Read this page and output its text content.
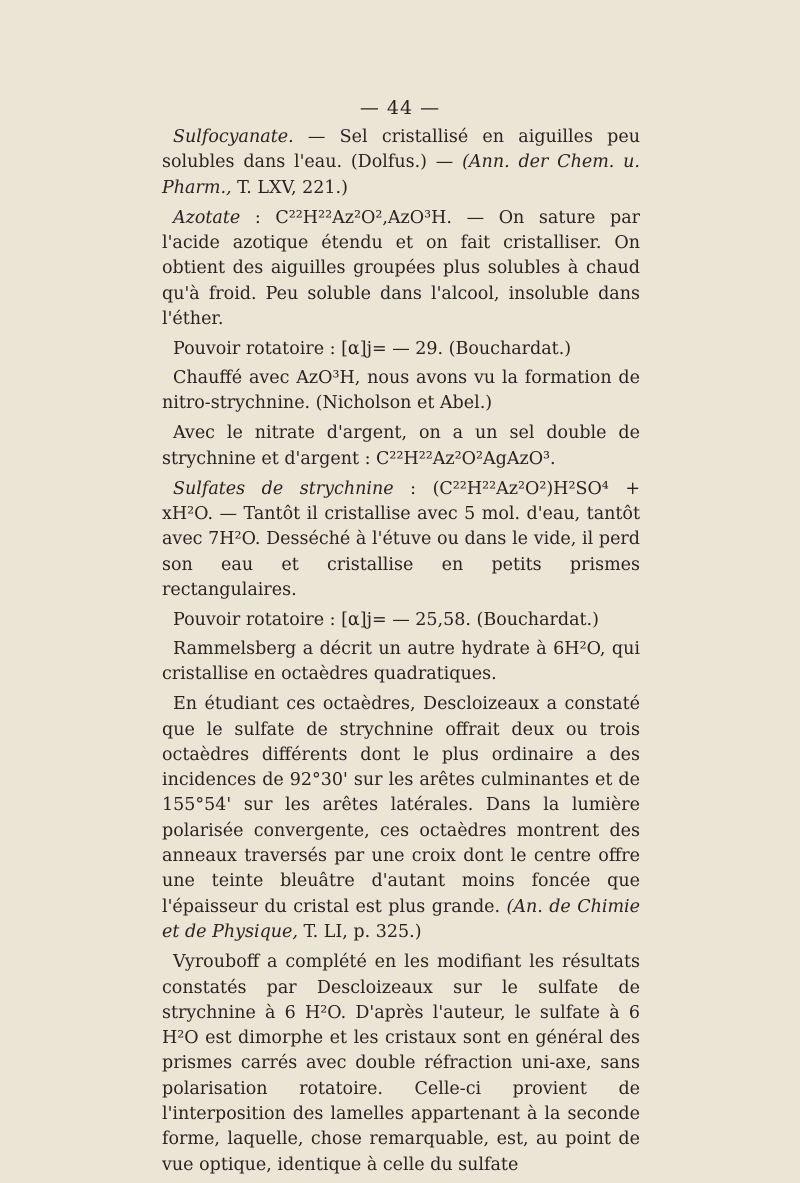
— 44 —

Sulfocyanate. — Sel cristallisé en aiguilles peu solubles dans l'eau. (Dolfus.) — (Ann. der Chem. u. Pharm., T. LXV, 221.)

Azotate : C²²H²²Az²O²,AzO³H. — On sature par l'acide azotique étendu et on fait cristalliser. On obtient des aiguilles groupées plus solubles à chaud qu'à froid. Peu soluble dans l'alcool, insoluble dans l'éther.

Pouvoir rotatoire : [α]j= — 29. (Bouchardat.)

Chauffé avec AzO³H, nous avons vu la formation de nitro-strychnine. (Nicholson et Abel.)

Avec le nitrate d'argent, on a un sel double de strychnine et d'argent : C²²H²²Az²O²AgAzO³.

Sulfates de strychnine : (C²²H²²Az²O²)H²SO⁴ + xH²O. — Tantôt il cristallise avec 5 mol. d'eau, tantôt avec 7H²O. Desséché à l'étuve ou dans le vide, il perd son eau et cristallise en petits prismes rectangulaires.

Pouvoir rotatoire : [α]j= — 25,58. (Bouchardat.)

Rammelsberg a décrit un autre hydrate à 6H²O, qui cristallise en octaèdres quadratiques.

En étudiant ces octaèdres, Descloizeaux a constaté que le sulfate de strychnine offrait deux ou trois octaèdres différents dont le plus ordinaire a des incidences de 92°30' sur les arêtes culminantes et de 155°54' sur les arêtes latérales. Dans la lumière polarisée convergente, ces octaèdres montrent des anneaux traversés par une croix dont le centre offre une teinte bleuâtre d'autant moins foncée que l'épaisseur du cristal est plus grande. (An. de Chimie et de Physique, T. LI, p. 325.)

Vyrouboff a complété en les modifiant les résultats constatés par Descloizeaux sur le sulfate de strychnine à 6 H²O. D'après l'auteur, le sulfate à 6 H²O est dimorphe et les cristaux sont en général des prismes carrés avec double réfraction uni-axe, sans polarisation rotatoire. Celle-ci provient de l'interposition des lamelles appartenant à la seconde forme, laquelle, chose remarquable, est, au point de vue optique, identique à celle du sulfate
